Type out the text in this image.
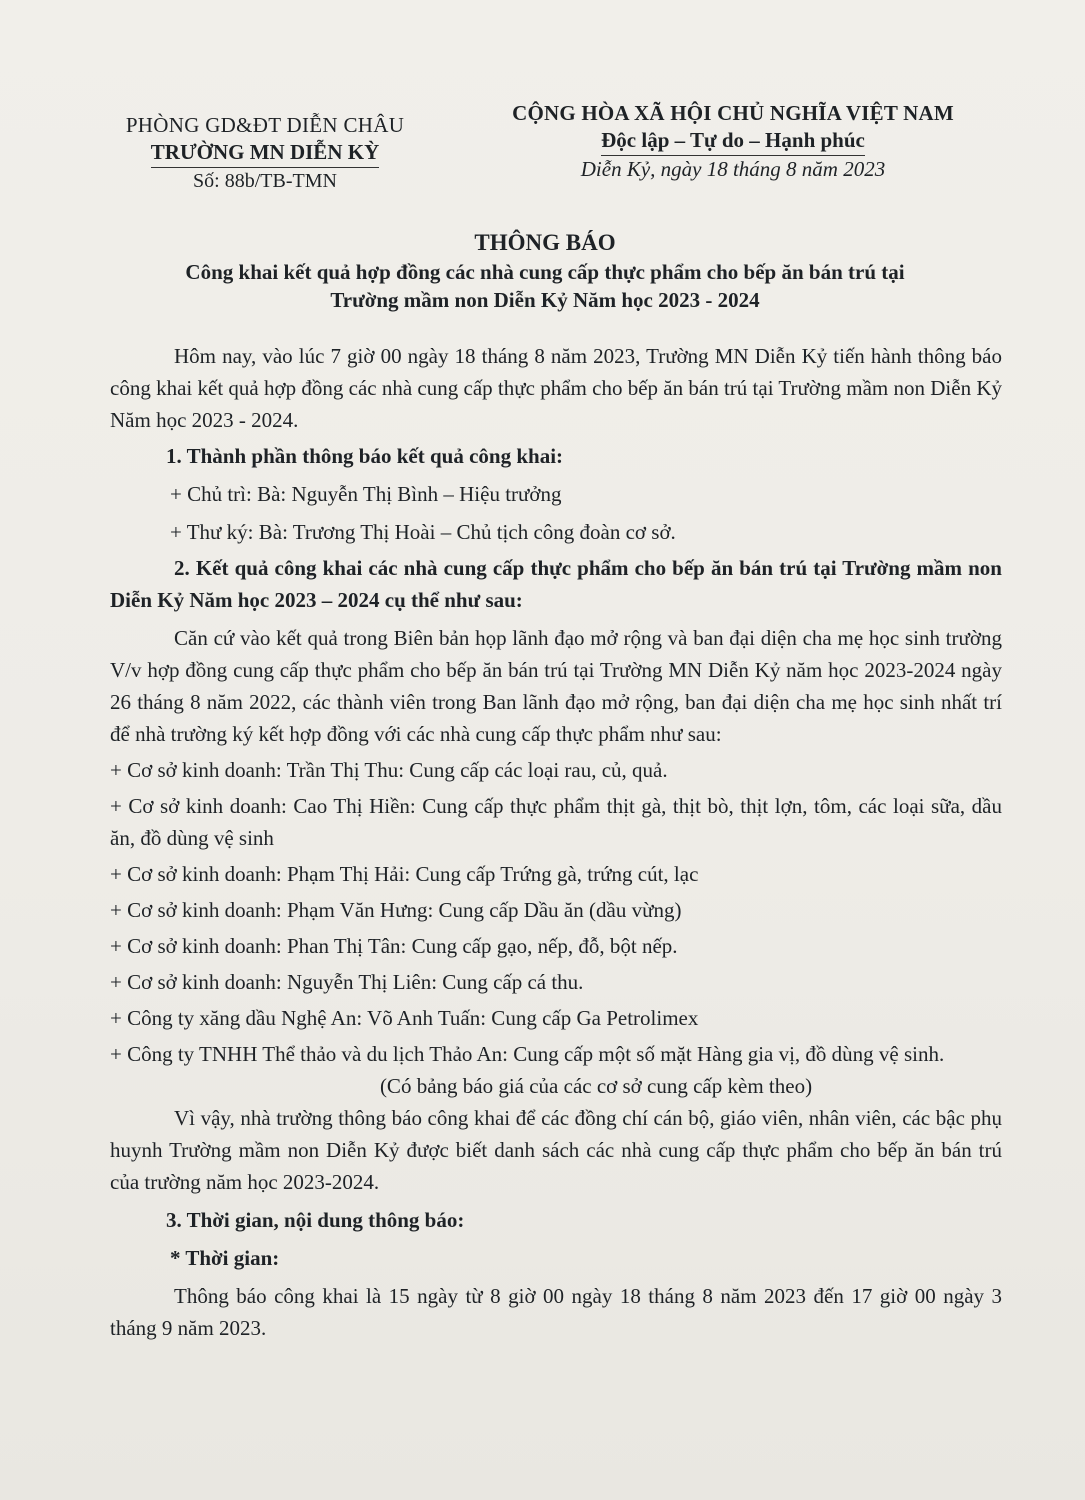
PHÒNG GD&ĐT DIỄN CHÂU
TRƯỜNG MN DIỄN KỲ
Số: 88b/TB-TMN
CỘNG HÒA XÃ HỘI CHỦ NGHĨA VIỆT NAM
Độc lập – Tự do – Hạnh phúc
Diễn Kỷ, ngày 18 tháng 8 năm 2023
THÔNG BÁO
Công khai kết quả hợp đồng các nhà cung cấp thực phẩm cho bếp ăn bán trú tại
Trường mầm non Diễn Kỷ Năm học 2023 - 2024

Hôm nay, vào lúc 7 giờ 00 ngày 18 tháng 8 năm 2023, Trường MN Diễn Kỷ tiến hành thông báo công khai kết quả hợp đồng các nhà cung cấp thực phẩm cho bếp ăn bán trú tại Trường mầm non Diễn Kỷ Năm học 2023 - 2024.

1. Thành phần thông báo kết quả công khai:

+ Chủ trì: Bà: Nguyễn Thị Bình – Hiệu trưởng

+ Thư ký: Bà: Trương Thị Hoài – Chủ tịch công đoàn cơ sở.

2. Kết quả công khai các nhà cung cấp thực phẩm cho bếp ăn bán trú tại Trường mầm non Diễn Kỷ Năm học 2023 – 2024 cụ thể như sau:

Căn cứ vào kết quả trong Biên bản họp lãnh đạo mở rộng và ban đại diện cha mẹ học sinh trường V/v hợp đồng cung cấp thực phẩm cho bếp ăn bán trú tại Trường MN Diễn Kỷ năm học 2023-2024 ngày 26 tháng 8 năm 2022, các thành viên trong Ban lãnh đạo mở rộng, ban đại diện cha mẹ học sinh nhất trí để nhà trường ký kết hợp đồng với các nhà cung cấp thực phẩm như sau:

+ Cơ sở kinh doanh: Trần Thị Thu: Cung cấp các loại rau, củ, quả.

+ Cơ sở kinh doanh: Cao Thị Hiền: Cung cấp thực phẩm thịt gà, thịt bò, thịt lợn, tôm, các loại sữa, dầu ăn, đồ dùng vệ sinh

+ Cơ sở kinh doanh: Phạm Thị Hải: Cung cấp Trứng gà, trứng cút, lạc

+ Cơ sở kinh doanh: Phạm Văn Hưng: Cung cấp Dầu ăn (dầu vừng)

+ Cơ sở kinh doanh: Phan Thị Tân: Cung cấp gạo, nếp, đỗ, bột nếp.

+ Cơ sở kinh doanh: Nguyễn Thị Liên: Cung cấp cá thu.

+ Công ty xăng dầu Nghệ An: Võ Anh Tuấn: Cung cấp Ga Petrolimex

+ Công ty TNHH Thể thảo và du lịch Thảo An: Cung cấp một số mặt Hàng gia vị, đồ dùng vệ sinh.

(Có bảng báo giá của các cơ sở cung cấp kèm theo)

Vì vậy, nhà trường thông báo công khai để các đồng chí cán bộ, giáo viên, nhân viên, các bậc phụ huynh Trường mầm non Diễn Kỷ được biết danh sách các nhà cung cấp thực phẩm cho bếp ăn bán trú của trường năm học 2023-2024.

3. Thời gian, nội dung thông báo:

* Thời gian:

Thông báo công khai là 15 ngày từ 8 giờ 00 ngày 18 tháng 8 năm 2023 đến 17 giờ 00 ngày 3 tháng 9 năm 2023.
